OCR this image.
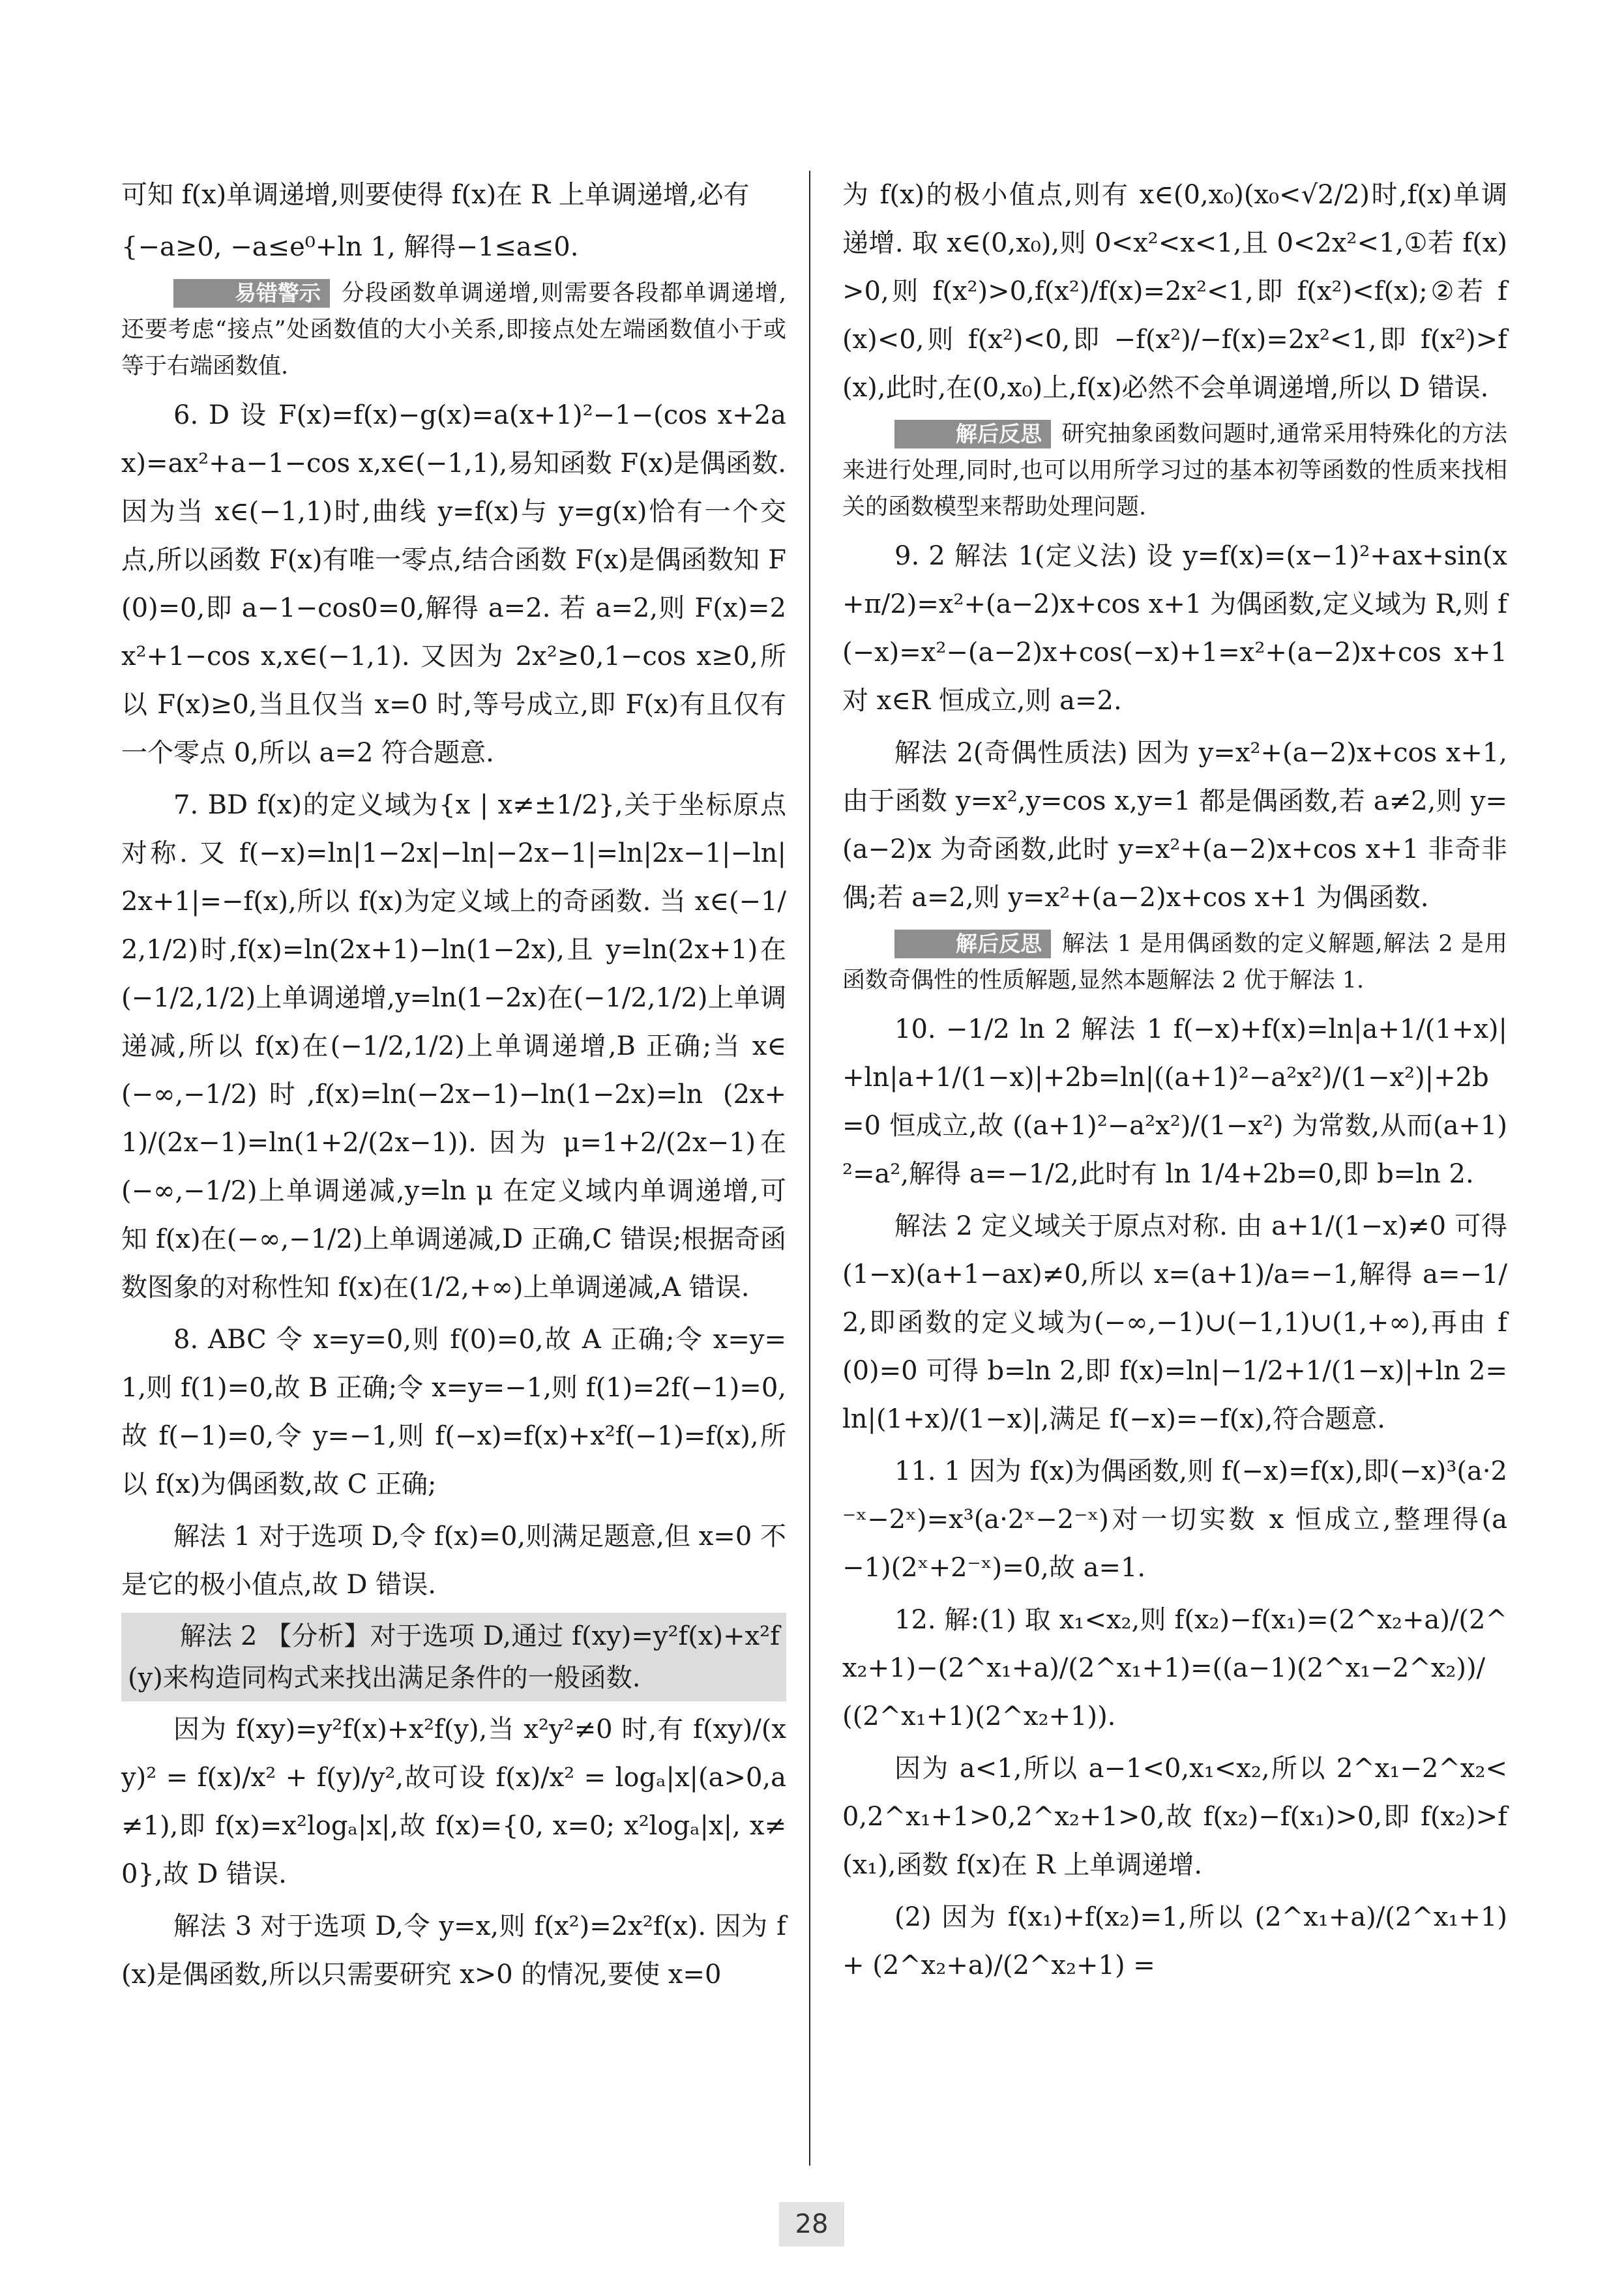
可知 f(x)单调递增,则要使得 f(x)在 R 上单调递增,必有

{−a≥0, −a≤e⁰+ln 1, 解得−1≤a≤0.

易错警示 分段函数单调递增,则需要各段都单调递增,还要考虑“接点”处函数值的大小关系,即接点处左端函数值小于或等于右端函数值.

6. D 设 F(x)=f(x)−g(x)=a(x+1)²−1−(cos x+2ax)=ax²+a−1−cos x,x∈(−1,1),易知函数 F(x)是偶函数. 因为当 x∈(−1,1)时,曲线 y=f(x)与 y=g(x)恰有一个交点,所以函数 F(x)有唯一零点,结合函数 F(x)是偶函数知 F(0)=0,即 a−1−cos0=0,解得 a=2. 若 a=2,则 F(x)=2x²+1−cos x,x∈(−1,1). 又因为 2x²≥0,1−cos x≥0,所以 F(x)≥0,当且仅当 x=0 时,等号成立,即 F(x)有且仅有一个零点 0,所以 a=2 符合题意.

7. BD f(x)的定义域为{x | x≠±1/2},关于坐标原点对称. 又 f(−x)=ln|1−2x|−ln|−2x−1|=ln|2x−1|−ln|2x+1|=−f(x),所以 f(x)为定义域上的奇函数. 当 x∈(−1/2,1/2)时,f(x)=ln(2x+1)−ln(1−2x),且 y=ln(2x+1)在(−1/2,1/2)上单调递增,y=ln(1−2x)在(−1/2,1/2)上单调递减,所以 f(x)在(−1/2,1/2)上单调递增,B 正确;当 x∈(−∞,−1/2)时,f(x)=ln(−2x−1)−ln(1−2x)=ln (2x+1)/(2x−1)=ln(1+2/(2x−1)). 因为 μ=1+2/(2x−1)在(−∞,−1/2)上单调递减,y=ln μ 在定义域内单调递增,可知 f(x)在(−∞,−1/2)上单调递减,D 正确,C 错误;根据奇函数图象的对称性知 f(x)在(1/2,+∞)上单调递减,A 错误.

8. ABC 令 x=y=0,则 f(0)=0,故 A 正确;令 x=y=1,则 f(1)=0,故 B 正确;令 x=y=−1,则 f(1)=2f(−1)=0,故 f(−1)=0,令 y=−1,则 f(−x)=f(x)+x²f(−1)=f(x),所以 f(x)为偶函数,故 C 正确;

解法 1 对于选项 D,令 f(x)=0,则满足题意,但 x=0 不是它的极小值点,故 D 错误.

解法 2 【分析】对于选项 D,通过 f(xy)=y²f(x)+x²f(y)来构造同构式来找出满足条件的一般函数.

因为 f(xy)=y²f(x)+x²f(y),当 x²y²≠0 时,有 f(xy)/(xy)² = f(x)/x² + f(y)/y²,故可设 f(x)/x² = logₐ|x|(a>0,a≠1),即 f(x)=x²logₐ|x|,故 f(x)={0, x=0; x²logₐ|x|, x≠0},故 D 错误.

解法 3 对于选项 D,令 y=x,则 f(x²)=2x²f(x). 因为 f(x)是偶函数,所以只需要研究 x>0 的情况,要使 x=0

为 f(x)的极小值点,则有 x∈(0,x₀)(x₀<√2/2)时,f(x)单调递增. 取 x∈(0,x₀),则 0<x²<x<1,且 0<2x²<1,①若 f(x)>0,则 f(x²)>0,f(x²)/f(x)=2x²<1,即 f(x²)<f(x);②若 f(x)<0,则 f(x²)<0,即 −f(x²)/−f(x)=2x²<1,即 f(x²)>f(x),此时,在(0,x₀)上,f(x)必然不会单调递增,所以 D 错误.

解后反思 研究抽象函数问题时,通常采用特殊化的方法来进行处理,同时,也可以用所学习过的基本初等函数的性质来找相关的函数模型来帮助处理问题.

9. 2 解法 1(定义法) 设 y=f(x)=(x−1)²+ax+sin(x+π/2)=x²+(a−2)x+cos x+1 为偶函数,定义域为 R,则 f(−x)=x²−(a−2)x+cos(−x)+1=x²+(a−2)x+cos x+1 对 x∈R 恒成立,则 a=2.

解法 2(奇偶性质法) 因为 y=x²+(a−2)x+cos x+1,由于函数 y=x²,y=cos x,y=1 都是偶函数,若 a≠2,则 y=(a−2)x 为奇函数,此时 y=x²+(a−2)x+cos x+1 非奇非偶;若 a=2,则 y=x²+(a−2)x+cos x+1 为偶函数.

解后反思 解法 1 是用偶函数的定义解题,解法 2 是用函数奇偶性的性质解题,显然本题解法 2 优于解法 1.

10. −1/2 ln 2 解法 1 f(−x)+f(x)=ln|a+1/(1+x)|+ln|a+1/(1−x)|+2b=ln|((a+1)²−a²x²)/(1−x²)|+2b=0 恒成立,故 ((a+1)²−a²x²)/(1−x²) 为常数,从而(a+1)²=a²,解得 a=−1/2,此时有 ln 1/4+2b=0,即 b=ln 2.

解法 2 定义域关于原点对称. 由 a+1/(1−x)≠0 可得(1−x)(a+1−ax)≠0,所以 x=(a+1)/a=−1,解得 a=−1/2,即函数的定义域为(−∞,−1)∪(−1,1)∪(1,+∞),再由 f(0)=0 可得 b=ln 2,即 f(x)=ln|−1/2+1/(1−x)|+ln 2=ln|(1+x)/(1−x)|,满足 f(−x)=−f(x),符合题意.

11. 1 因为 f(x)为偶函数,则 f(−x)=f(x),即(−x)³(a·2⁻ˣ−2ˣ)=x³(a·2ˣ−2⁻ˣ)对一切实数 x 恒成立,整理得(a−1)(2ˣ+2⁻ˣ)=0,故 a=1.

12. 解:(1) 取 x₁<x₂,则 f(x₂)−f(x₁)=(2^x₂+a)/(2^x₂+1)−(2^x₁+a)/(2^x₁+1)=((a−1)(2^x₁−2^x₂))/((2^x₁+1)(2^x₂+1)).

因为 a<1,所以 a−1<0,x₁<x₂,所以 2^x₁−2^x₂<0,2^x₁+1>0,2^x₂+1>0,故 f(x₂)−f(x₁)>0,即 f(x₂)>f(x₁),函数 f(x)在 R 上单调递增.

(2) 因为 f(x₁)+f(x₂)=1,所以 (2^x₁+a)/(2^x₁+1) + (2^x₂+a)/(2^x₂+1) =

28
